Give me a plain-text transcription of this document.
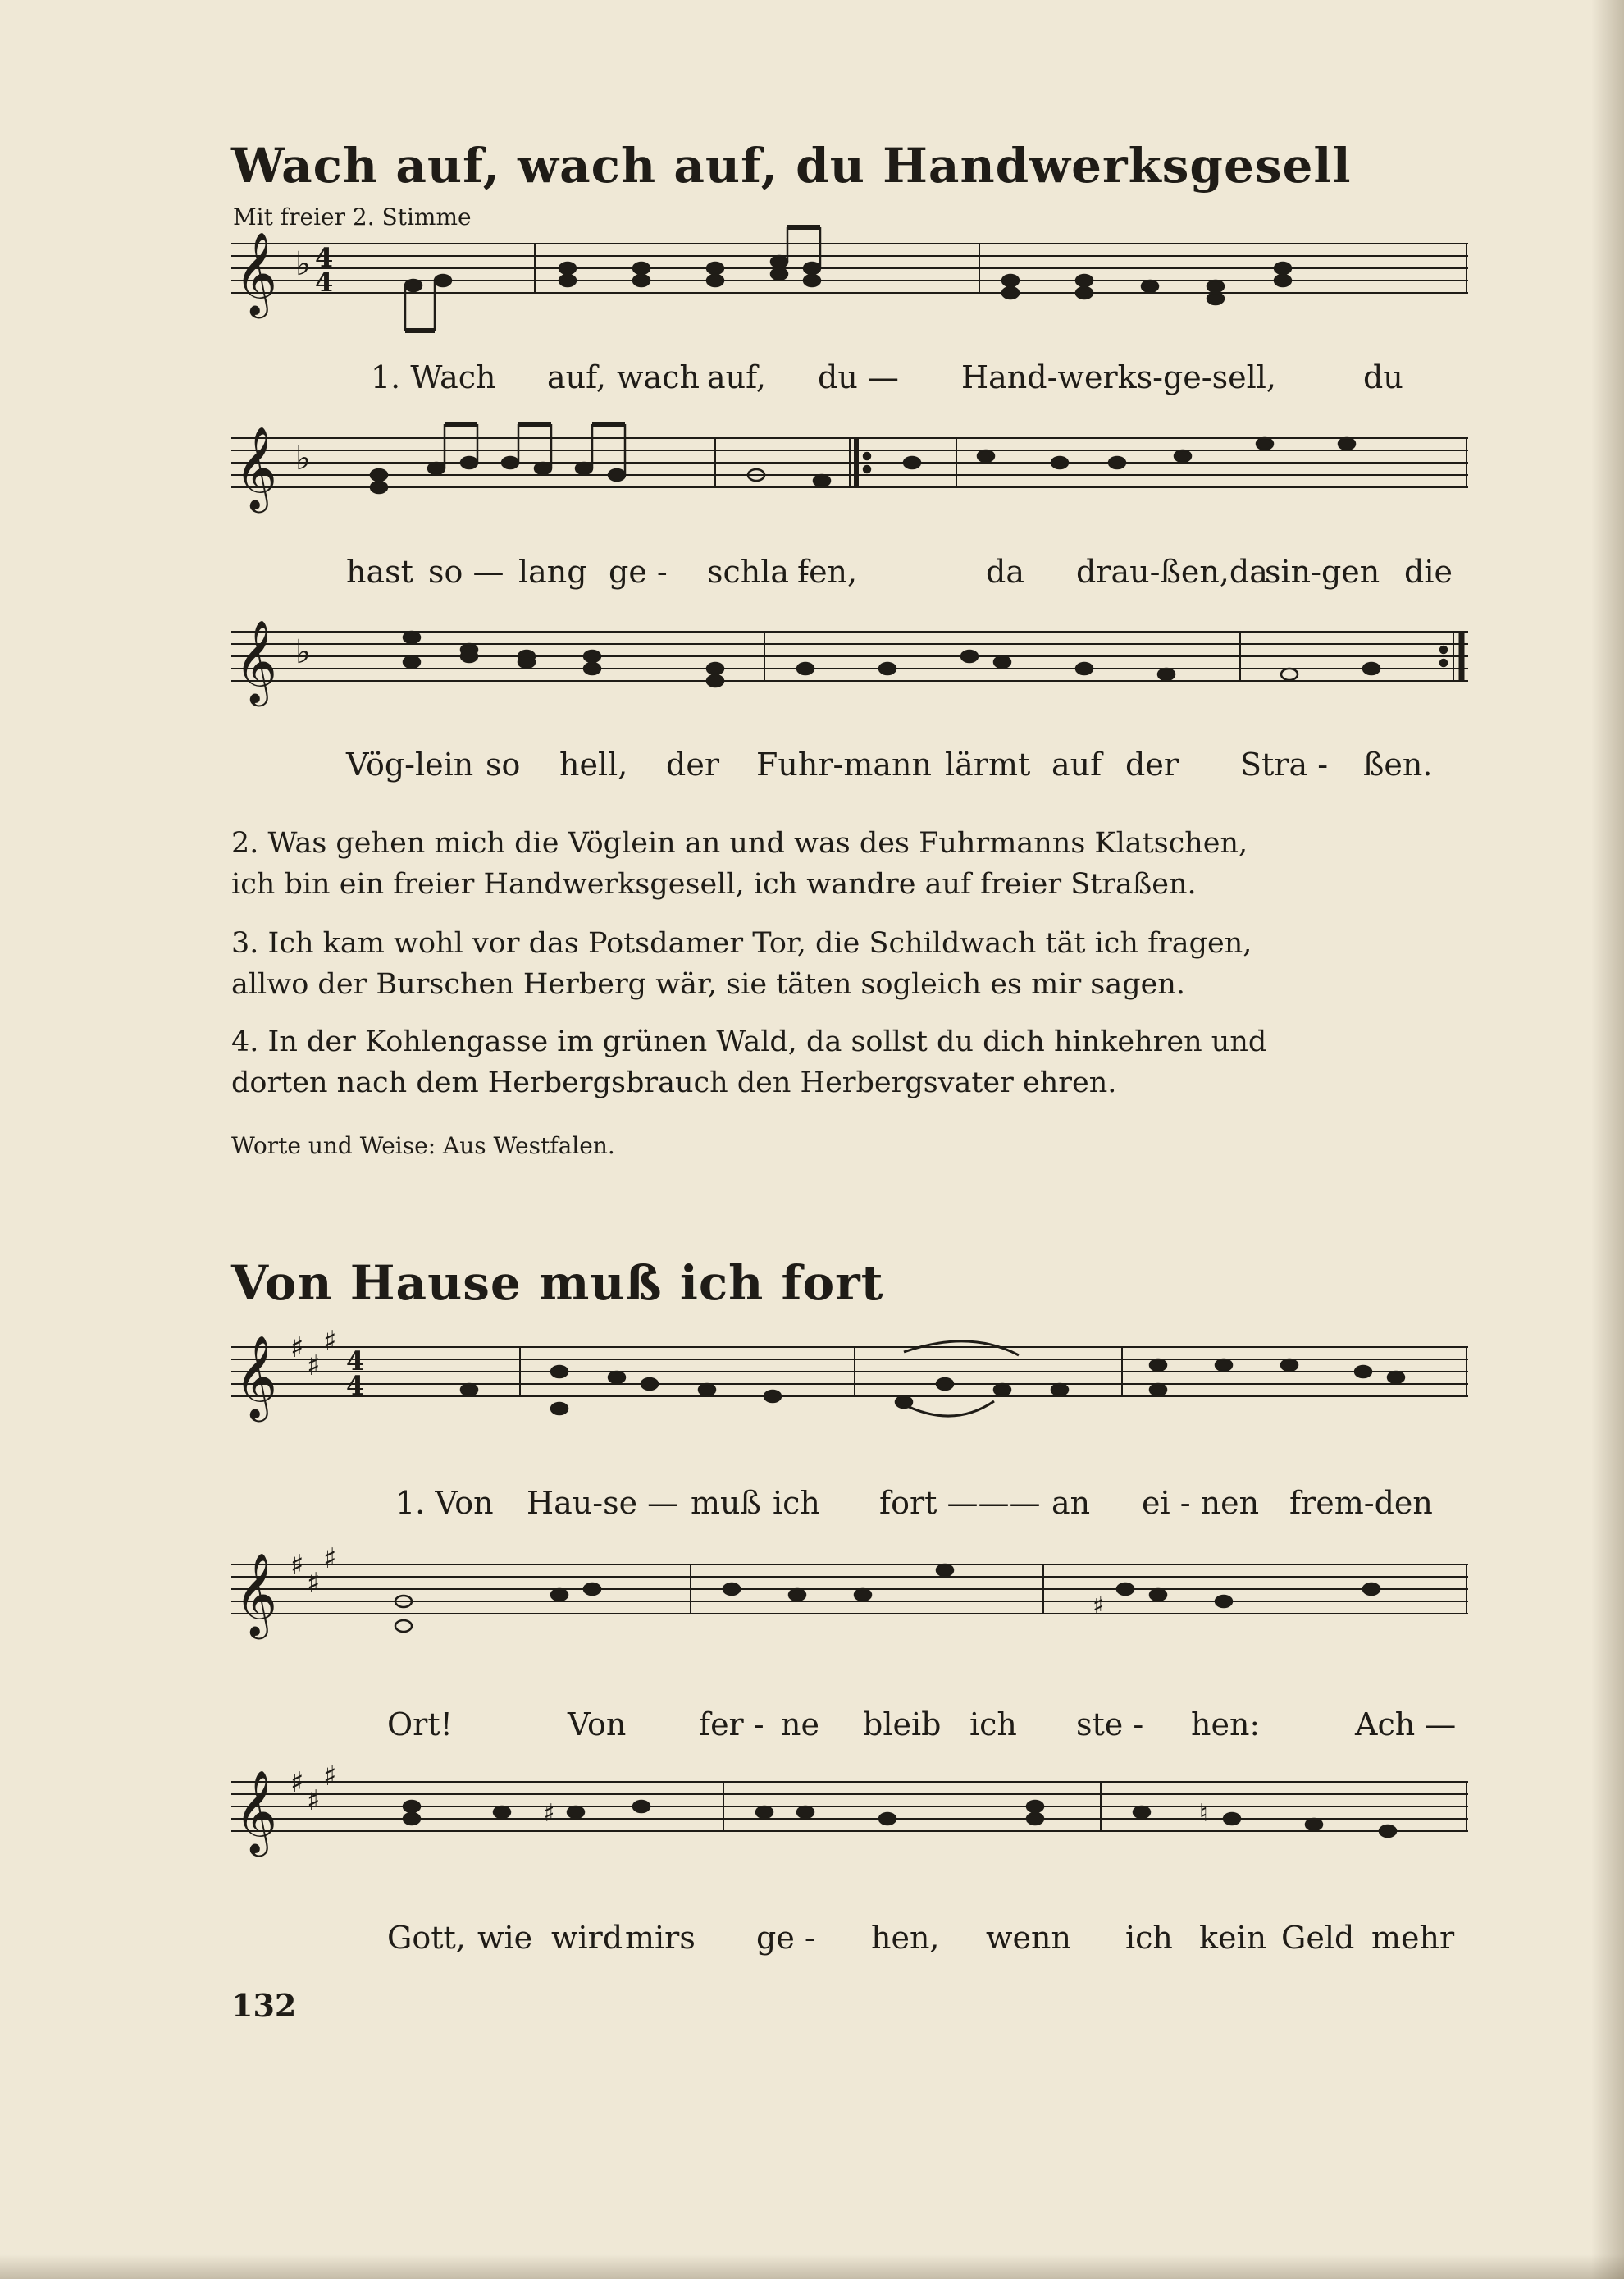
Wach auf, wach auf, du Handwerksgesell
Mit freier 2. Stimme
𝄞 ♭ 4
4
1. Wach auf, wach auf, du — Hand-werks-ge-sell,	du
𝄞 ♭
hast so — lang ge - schla -
fen,	da drau-ßen,da
sin-gen die
𝄞 ♭
Vög-lein so hell, der Fuhr-mann lärmt auf der Stra - ßen.

2. Was gehen mich die Vöglein an und was des Fuhrmanns Klatschen,

ich bin ein freier Handwerksgesell, ich wandre auf freier Straßen.

3. Ich kam wohl vor das Potsdamer Tor, die Schildwach tät ich fragen,

allwo der Burschen Herberg wär, sie täten sogleich es mir sagen.

4. In der Kohlengasse im grünen Wald, da sollst du dich hinkehren und

dorten nach dem Herbergsbrauch den Herbergsvater ehren.

Worte und Weise: Aus Westfalen.
Von Hause muß ich fort
𝄞 ♯
♯
♯
4
4
1. Von Hau-se — muß ich fort ——— an ei - nen frem-den
𝄞 ♯
♯
♯
♯
Ort!	Von fer - ne bleib ich ste - hen:	Ach —
𝄞 ♯
♯
♯
♯	♮
Gott, wie wird mirs ge - hen, wenn ich kein Geld mehr
132
